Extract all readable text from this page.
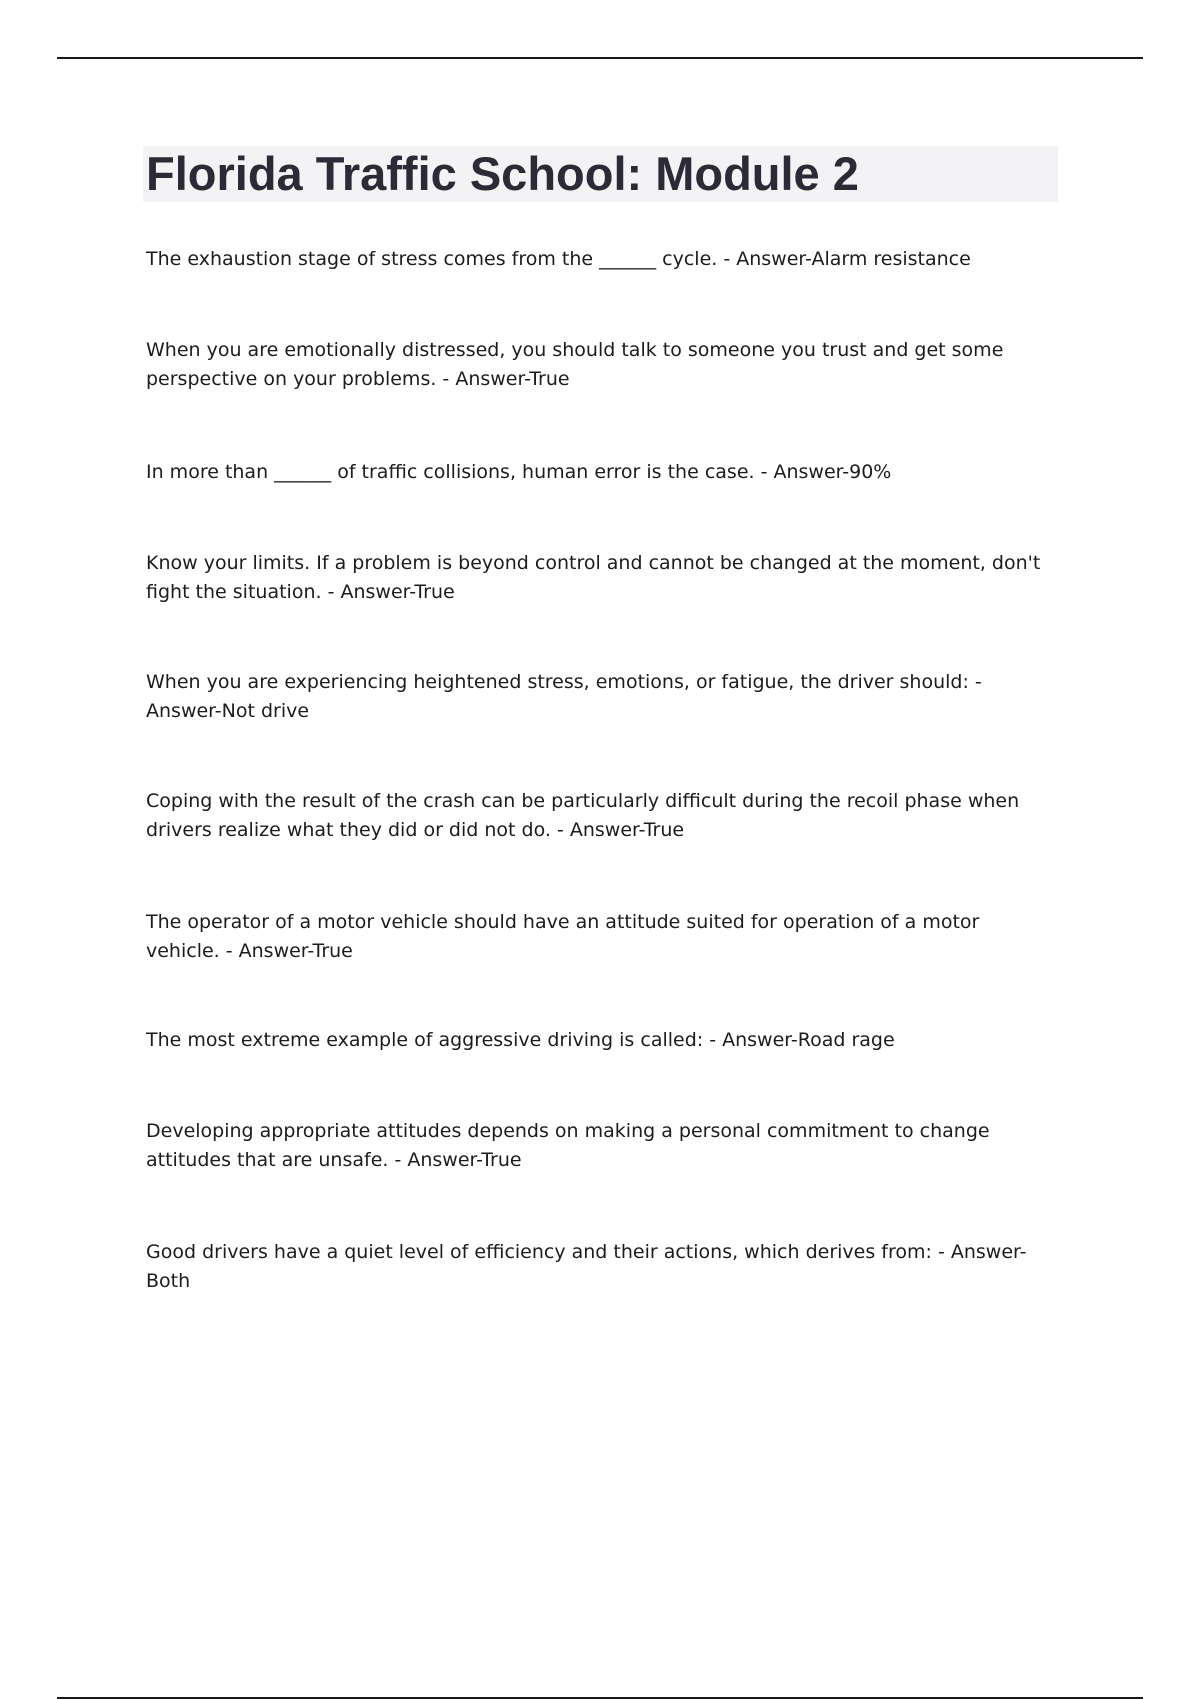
Florida Traffic School: Module 2

The exhaustion stage of stress comes from the ______ cycle. - Answer-Alarm resistance

When you are emotionally distressed, you should talk to someone you trust and get some perspective on your problems. - Answer-True

In more than ______ of traffic collisions, human error is the case. - Answer-90%

Know your limits. If a problem is beyond control and cannot be changed at the moment, don't fight the situation. - Answer-True

When you are experiencing heightened stress, emotions, or fatigue, the driver should: - Answer-Not drive

Coping with the result of the crash can be particularly difficult during the recoil phase when drivers realize what they did or did not do. - Answer-True

The operator of a motor vehicle should have an attitude suited for operation of a motor vehicle. - Answer-True

The most extreme example of aggressive driving is called: - Answer-Road rage

Developing appropriate attitudes depends on making a personal commitment to change attitudes that are unsafe. - Answer-True

Good drivers have a quiet level of efficiency and their actions, which derives from: - Answer-Both
